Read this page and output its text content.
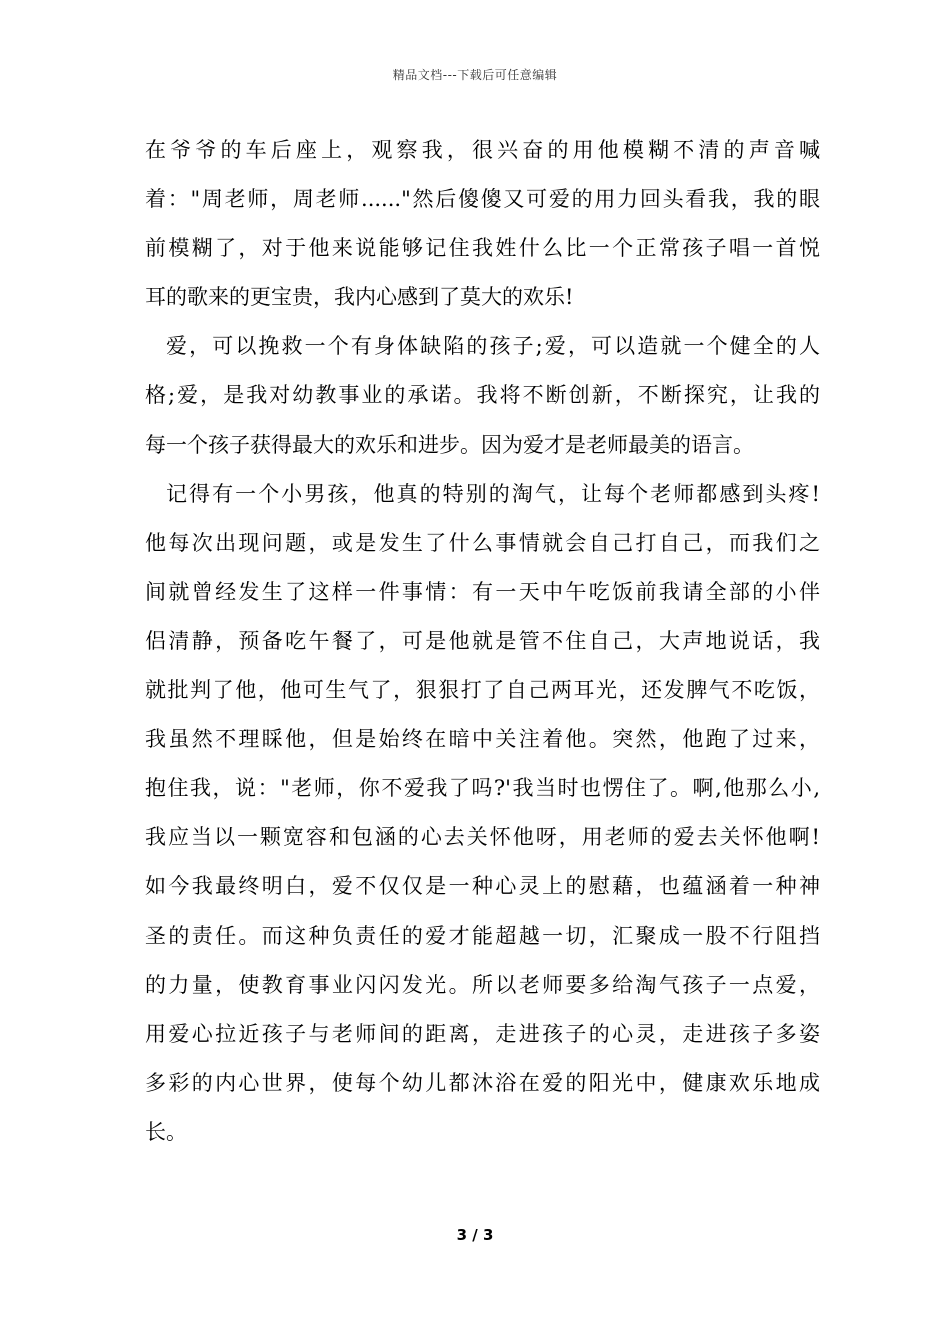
精品文档---下载后可任意编辑
在爷爷的车后座上，观察我，很兴奋的用他模糊不清的声音喊
着："周老师，周老师......"然后傻傻又可爱的用力回头看我，我的眼
前模糊了，对于他来说能够记住我姓什么比一个正常孩子唱一首悦
耳的歌来的更宝贵，我内心感到了莫大的欢乐!
爱，可以挽救一个有身体缺陷的孩子;爱，可以造就一个健全的人
格;爱，是我对幼教事业的承诺。我将不断创新，不断探究，让我的
每一个孩子获得最大的欢乐和进步。因为爱才是老师最美的语言。
记得有一个小男孩，他真的特别的淘气，让每个老师都感到头疼!
他每次出现问题，或是发生了什么事情就会自己打自己，而我们之
间就曾经发生了这样一件事情：有一天中午吃饭前我请全部的小伴
侣清静，预备吃午餐了，可是他就是管不住自己，大声地说话，我
就批判了他，他可生气了，狠狠打了自己两耳光，还发脾气不吃饭，
我虽然不理睬他，但是始终在暗中关注着他。突然，他跑了过来，
抱住我，说："老师，你不爱我了吗?'我当时也愣住了。啊,他那么小,
我应当以一颗宽容和包涵的心去关怀他呀，用老师的爱去关怀他啊!
如今我最终明白，爱不仅仅是一种心灵上的慰藉，也蕴涵着一种神
圣的责任。而这种负责任的爱才能超越一切，汇聚成一股不行阻挡
的力量，使教育事业闪闪发光。所以老师要多给淘气孩子一点爱，
用爱心拉近孩子与老师间的距离，走进孩子的心灵，走进孩子多姿
多彩的内心世界，使每个幼儿都沐浴在爱的阳光中，健康欢乐地成
长。
3 / 3
